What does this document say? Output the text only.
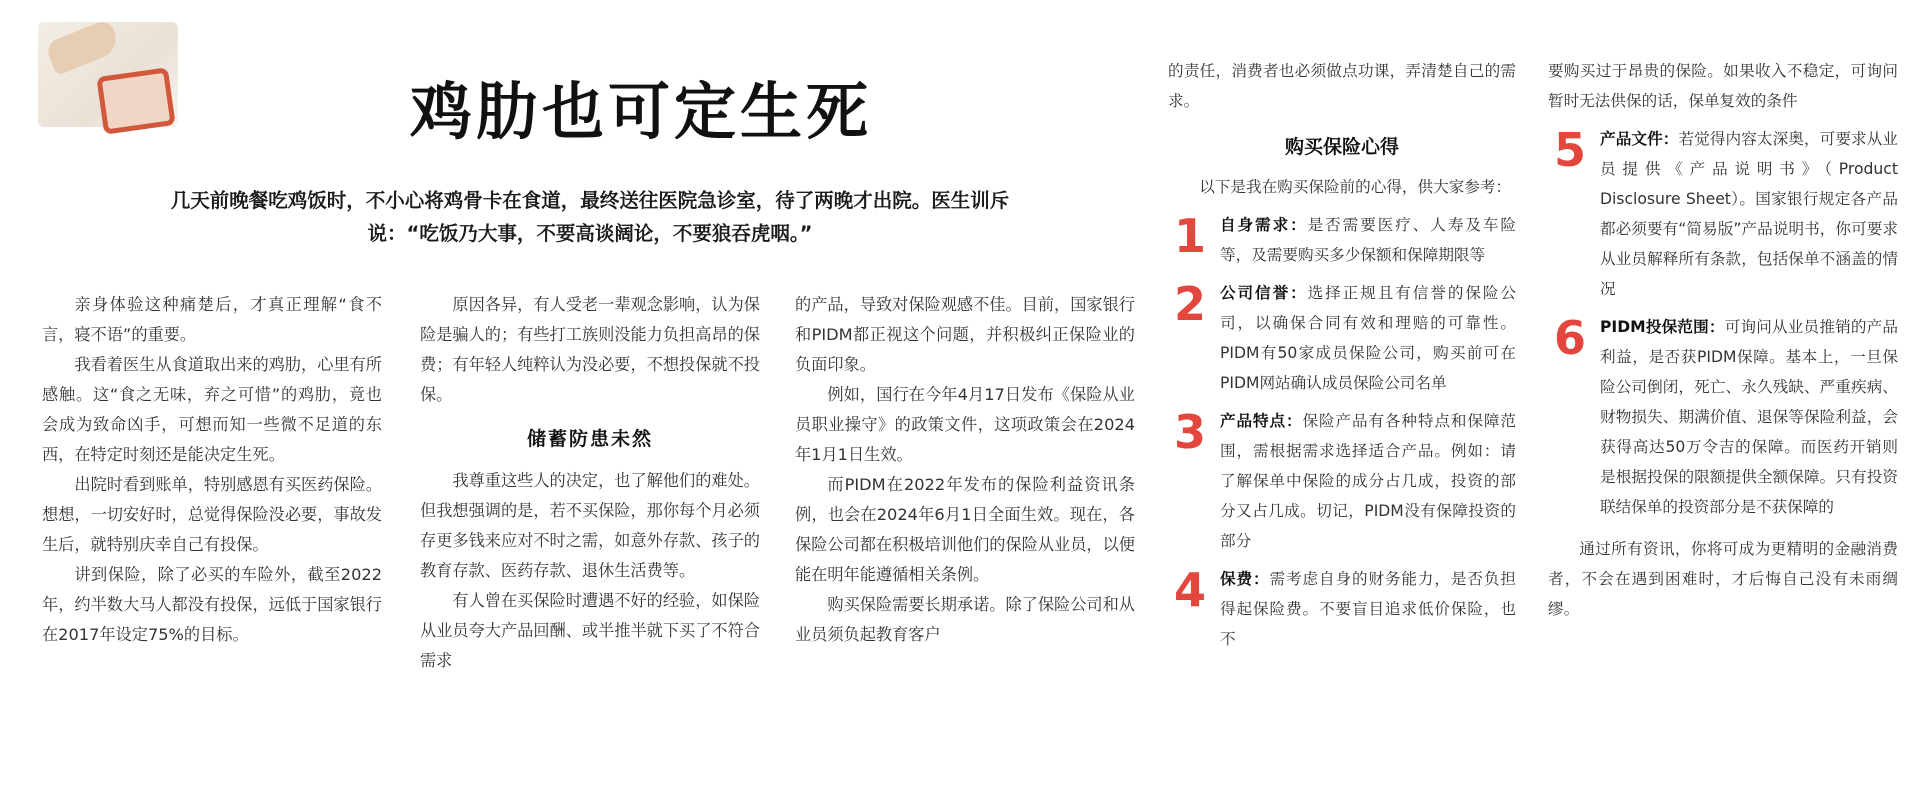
鸡肋也可定生死
几天前晚餐吃鸡饭时，不小心将鸡骨卡在食道，最终送往医院急诊室，待了两晚才出院。医生训斥说：“吃饭乃大事，不要高谈阔论，不要狼吞虎咽。”

亲身体验这种痛楚后，才真正理解“食不言，寝不语”的重要。

我看着医生从食道取出来的鸡肋，心里有所感触。这“食之无味，弃之可惜”的鸡肋，竟也会成为致命凶手，可想而知一些微不足道的东西，在特定时刻还是能决定生死。

出院时看到账单，特别感恩有买医药保险。想想，一切安好时，总觉得保险没必要，事故发生后，就特别庆幸自己有投保。

讲到保险，除了必买的车险外，截至2022年，约半数大马人都没有投保，远低于国家银行在2017年设定75%的目标。

原因各异，有人受老一辈观念影响，认为保险是骗人的；有些打工族则没能力负担高昂的保费；有年轻人纯粹认为没必要，不想投保就不投保。

储蓄防患未然

我尊重这些人的决定，也了解他们的难处。但我想强调的是，若不买保险，那你每个月必须存更多钱来应对不时之需，如意外存款、孩子的教育存款、医药存款、退休生活费等。

有人曾在买保险时遭遇不好的经验，如保险从业员夸大产品回酬、或半推半就下买了不符合需求

的产品，导致对保险观感不佳。目前，国家银行和PIDM都正视这个问题，并积极纠正保险业的负面印象。

例如，国行在今年4月17日发布《保险从业员职业操守》的政策文件，这项政策会在2024年1月1日生效。

而PIDM在2022年发布的保险利益资讯条例，也会在2024年6月1日全面生效。现在，各保险公司都在积极培训他们的保险从业员，以便能在明年能遵循相关条例。

购买保险需要长期承诺。除了保险公司和从业员须负起教育客户

的责任，消费者也必须做点功课，弄清楚自己的需求。

购买保险心得

以下是我在购买保险前的心得，供大家参考：

1 自身需求：是否需要医疗、人寿及车险等，及需要购买多少保额和保障期限等
2 公司信誉：选择正规且有信誉的保险公司，以确保合同有效和理赔的可靠性。PIDM有50家成员保险公司，购买前可在PIDM网站确认成员保险公司名单
3 产品特点：保险产品有各种特点和保障范围，需根据需求选择适合产品。例如：请了解保单中保险的成分占几成，投资的部分又占几成。切记，PIDM没有保障投资的部分
4 保费：需考虑自身的财务能力，是否负担得起保险费。不要盲目追求低价保险，也不

要购买过于昂贵的保险。如果收入不稳定，可询问暂时无法供保的话，保单复效的条件

5 产品文件：若觉得内容太深奥，可要求从业员提供《产品说明书》（Product Disclosure Sheet）。国家银行规定各产品都必须要有“简易版”产品说明书，你可要求从业员解释所有条款，包括保单不涵盖的情况
6 PIDM投保范围：可询问从业员推销的产品利益，是否获PIDM保障。基本上，一旦保险公司倒闭，死亡、永久残缺、严重疾病、财物损失、期满价值、退保等保险利益，会获得高达50万令吉的保障。而医药开销则是根据投保的限额提供全额保障。只有投资联结保单的投资部分是不获保障的

通过所有资讯，你将可成为更精明的金融消费者，不会在遇到困难时，才后悔自己没有未雨绸缪。
